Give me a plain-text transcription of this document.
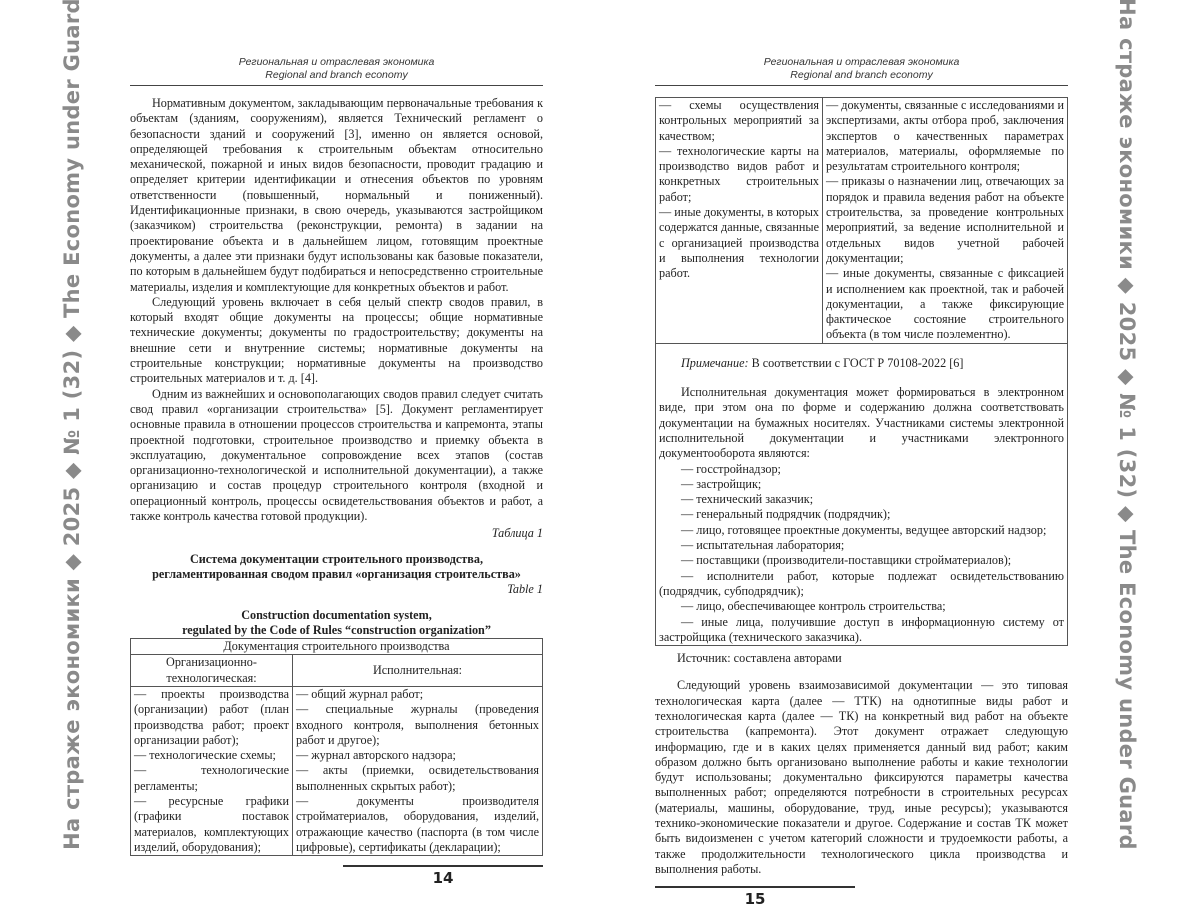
На страже экономики ◆ 2025 ◆ № 1 (32) ◆ The Economy under Guard	На страже экономики ◆ 2025 ◆ № 1 (32) ◆ The Economy under Guard
Региональная и отраслевая экономика
Regional and branch economy

Нормативным документом, закладывающим первоначальные требования к объектам (зданиям, сооружениям), является Технический регламент о безопасности зданий и сооружений [3], именно он является основой, определяющей требования к строительным объектам относительно механической, пожарной и иных видов безопасности, проводит градацию и определяет критерии идентификации и отнесения объектов по уровням ответственности (повышенный, нормальный и пониженный). Идентификационные признаки, в свою очередь, указываются застройщиком (заказчиком) строительства (реконструкции, ремонта) в задании на проектирование объекта и в дальнейшем лицом, готовящим проектные документы, а далее эти признаки будут использованы как базовые показатели, по которым в дальнейшем будут подбираться и непосредственно строительные материалы, изделия и комплектующие для конкретных объектов и работ.

Следующий уровень включает в себя целый спектр сводов правил, в который входят общие документы на процессы; общие нормативные технические документы; документы по градостроительству; документы на внешние сети и внутренние системы; нормативные документы на строительные конструкции; нормативные документы на производство строительных материалов и т. д. [4].

Одним из важнейших и основополагающих сводов правил следует считать свод правил «организации строительства» [5]. Документ регламентирует основные правила в отношении процессов строительства и капремонта, этапы проектной подготовки, строительное производство и приемку объекта в эксплуатацию, документальное сопровождение всех этапов (состав организационно-технологической и исполнительной документации), а также организацию и состав процедур строительного контроля (входной и операционный контроль, процессы освидетельствования объектов и работ, а также контроль качества готовой продукции).

Таблица 1
Система документации строительного производства,
регламентированная сводом правил «организация строительства»
Table 1
Construction documentation system,
regulated by the Code of Rules “construction organization”
Документация строительного производства
Организационно-технологическая:	Исполнительная:

— проекты производства (организации) работ (план производства работ; проект организации работ);
— технологические схемы;
— технологические регламенты;
— ресурсные графики (графики поставок материалов, комплектующих изделий, оборудования);

— общий журнал работ;
— специальные журналы (проведения входного контроля, выполнения бетонных работ и другое);
— журнал авторского надзора;
— акты (приемки, освидетельствования выполненных скрытых работ);
— документы производителя стройматериалов, оборудования, изделий, отражающие качество (паспорта (в том числе цифровые), сертификаты (декларации);
14
Региональная и отраслевая экономика
Regional and branch economy
— схемы осуществления контрольных мероприятий за качеством;
— технологические карты на производство видов работ и конкретных строительных работ;
— иные документы, в которых содержатся данные, связанные с организацией производства и выполнения технологии работ.

— документы, связанные с исследованиями и экспертизами, акты отбора проб, заключения экспертов о качественных параметрах материалов, материалы, оформляемые по результатам строительного контроля;
— приказы о назначении лиц, отвечающих за порядок и правила ведения работ на объекте строительства, за проведение контрольных мероприятий, за ведение исполнительной и отдельных видов учетной рабочей документации;
— иные документы, связанные с фиксацией и исполнением как проектной, так и рабочей документации, а также фиксирующие фактическое состояние строительного объекта (в том числе поэлементно).

Примечание: В соответствии с ГОСТ Р 70108-2022 [6]

Исполнительная документация может формироваться в электронном виде, при этом она по форме и содержанию должна соответствовать документации на бумажных носителях. Участниками системы электронной исполнительной документации и участниками электронного документооборота являются:

— госстройнадзор;

— застройщик;

— технический заказчик;

— генеральный подрядчик (подрядчик);

— лицо, готовящее проектные документы, ведущее авторский надзор;

— испытательная лаборатория;

— поставщики (производители-поставщики стройматериалов);

— исполнители работ, которые подлежат освидетельствованию (подрядчик, субподрядчик);

— лицо, обеспечивающее контроль строительства;

— иные лица, получившие доступ в информационную систему от застройщика (технического заказчика).

Источник: составлена авторами

Следующий уровень взаимозависимой документации — это типовая технологическая карта (далее — ТТК) на однотипные виды работ и технологическая карта (далее — ТК) на конкретный вид работ на объекте строительства (капремонта). Этот документ отражает следующую информацию, где и в каких целях применяется данный вид работ; каким образом должно быть организовано выполнение работы и какие технологии будут использованы; документально фиксируются параметры качества выполненных работ; определяются потребности в строительных ресурсах (материалы, машины, оборудование, труд, иные ресурсы); указываются технико-экономические показатели и другое. Содержание и состав ТК может быть видоизменен с учетом категорий сложности и трудоемкости работы, а также продолжительности технологического цикла производства и выполнения работы.

15
